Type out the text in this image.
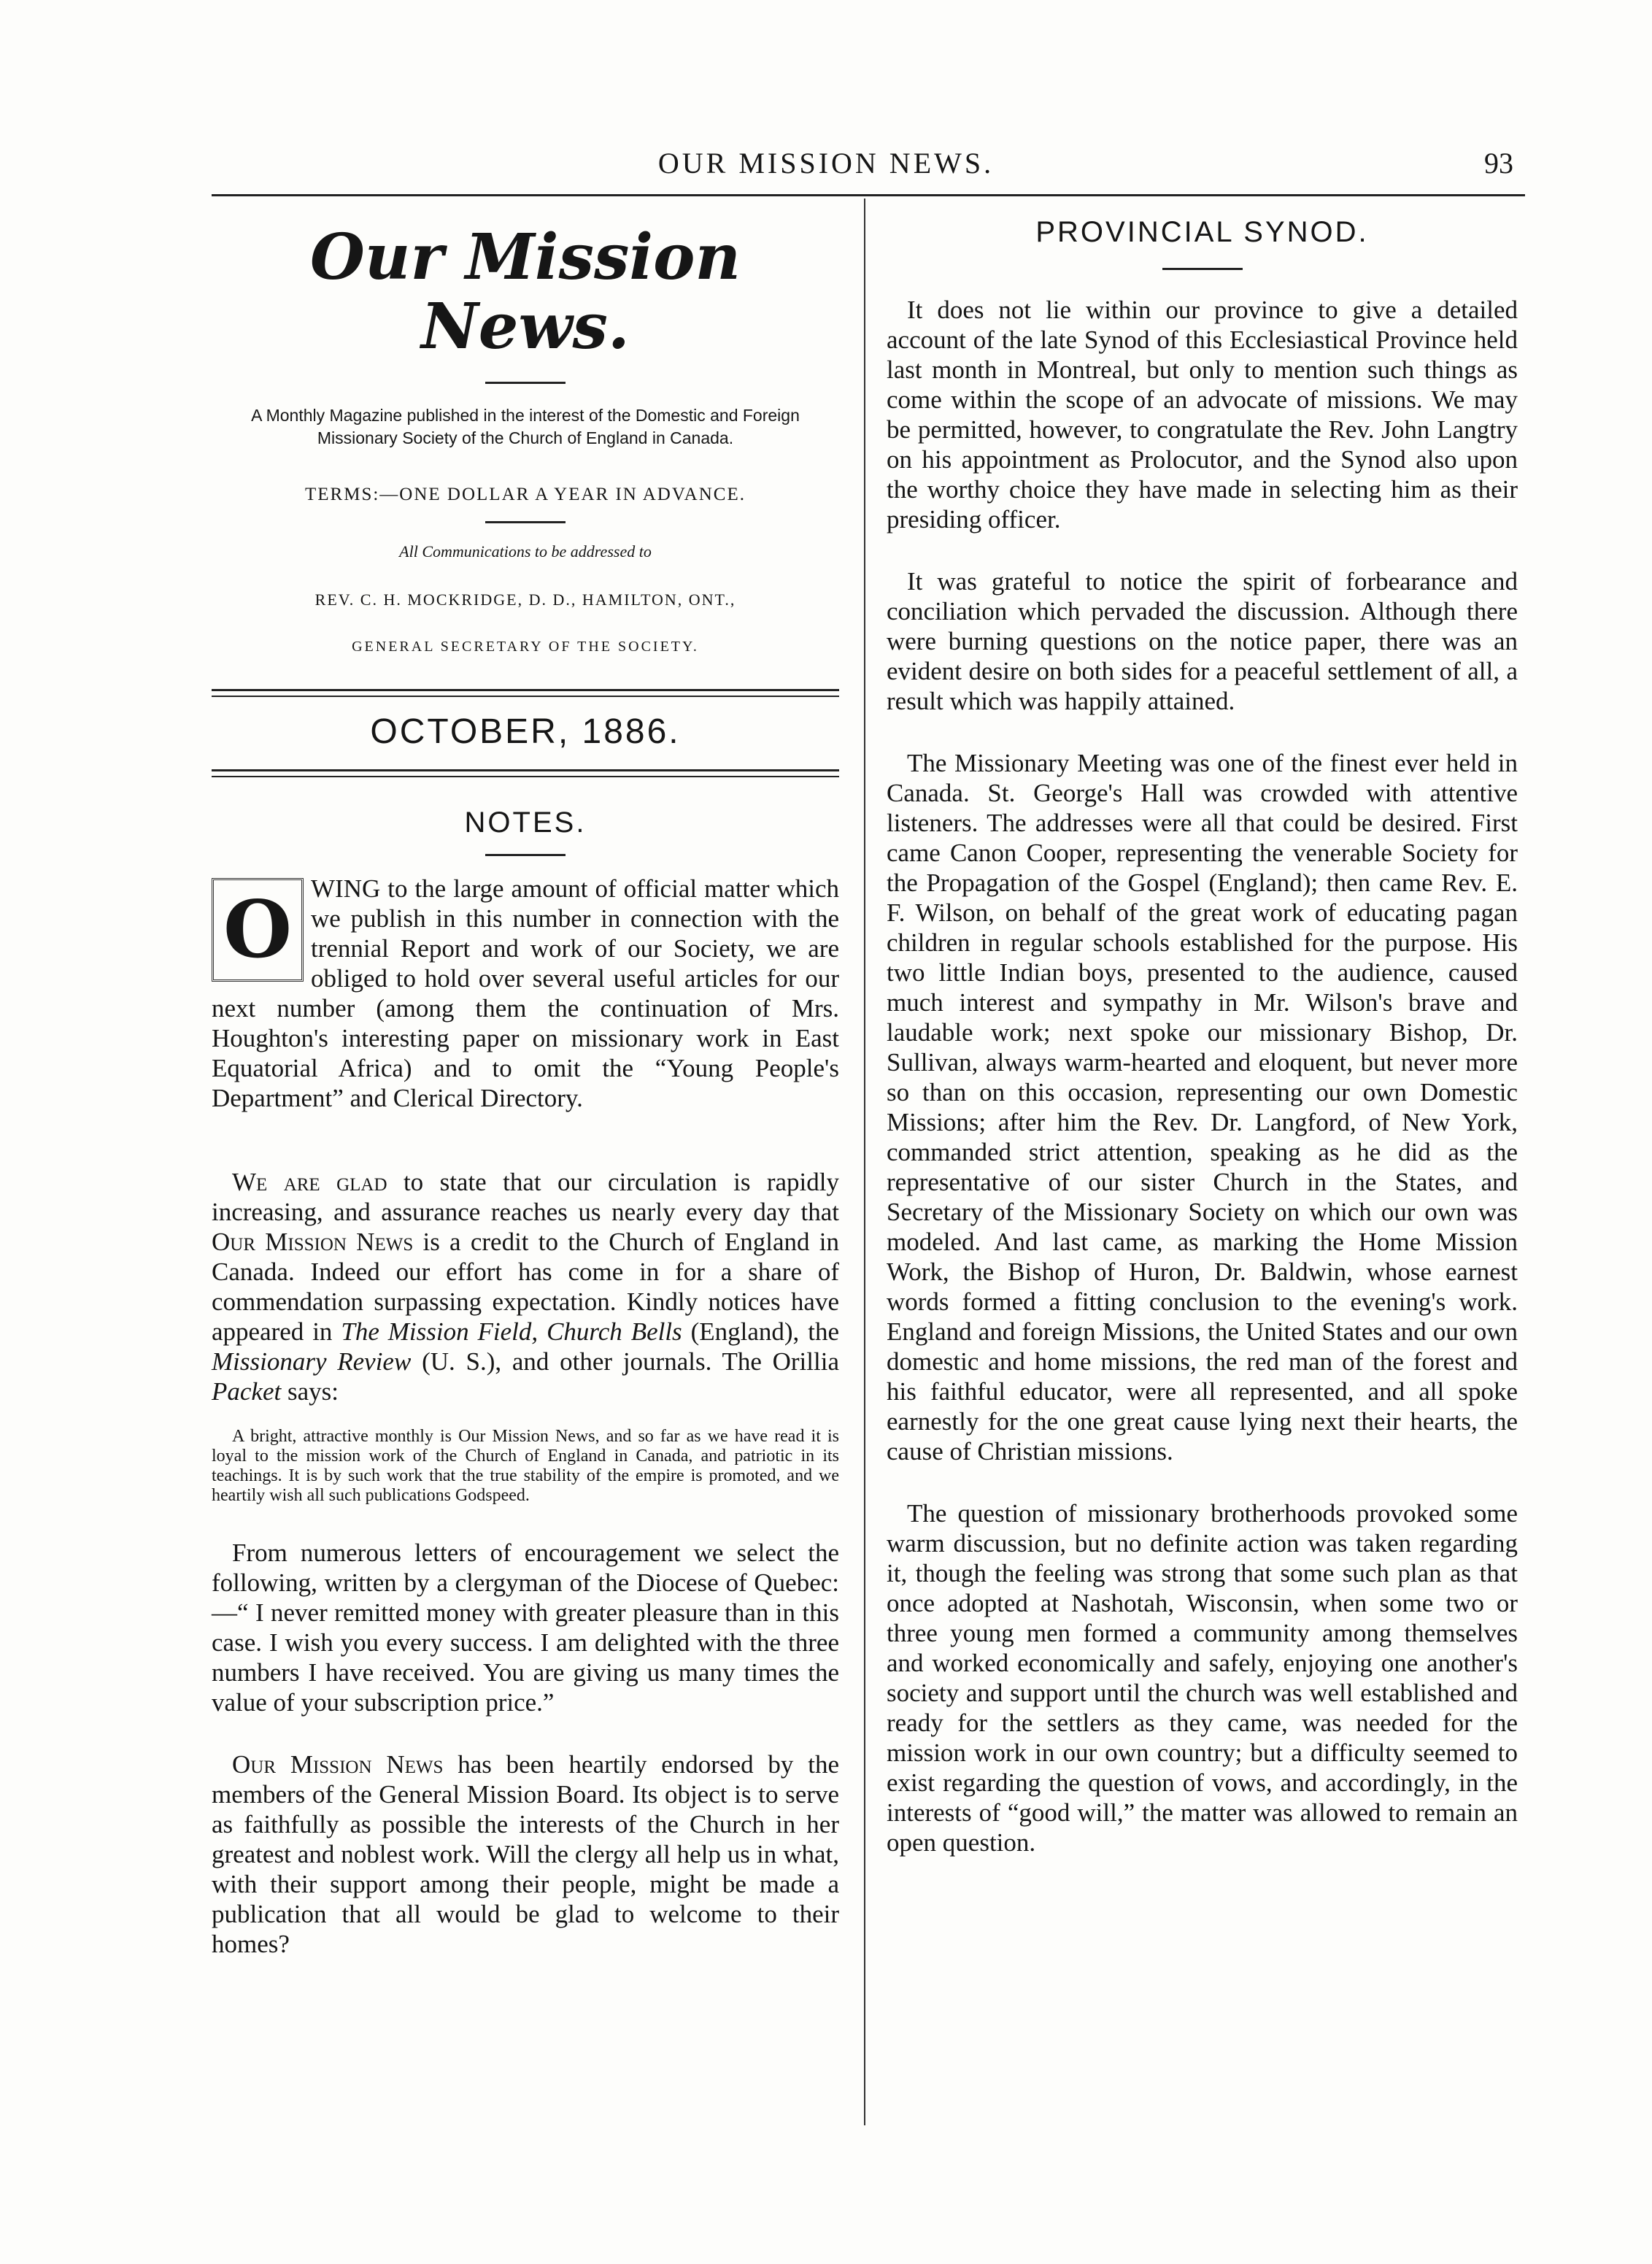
OUR MISSION NEWS.	93
Our Mission News.
A Monthly Magazine published in the interest of the Domestic and Foreign Missionary Society of the Church of England in Canada.
TERMS:—ONE DOLLAR A YEAR IN ADVANCE.
All Communications to be addressed to
REV. C. H. MOCKRIDGE, D. D., HAMILTON, ONT.,
GENERAL SECRETARY OF THE SOCIETY.
OCTOBER, 1886.
NOTES.
O WING to the large amount of official matter which we publish in this number in connection with the trennial Report and work of our Society, we are obliged to hold over several useful articles for our next number (among them the continuation of Mrs. Houghton's interesting paper on missionary work in East Equatorial Africa) and to omit the “Young People's Department” and Clerical Directory.

We are glad to state that our circulation is rapidly increasing, and assurance reaches us nearly every day that Our Mission News is a credit to the Church of England in Canada. Indeed our effort has come in for a share of commendation surpassing expectation. Kindly notices have appeared in The Mission Field, Church Bells (England), the Missionary Review (U. S.), and other journals. The Orillia Packet says:

A bright, attractive monthly is Our Mission News, and so far as we have read it is loyal to the mission work of the Church of England in Canada, and patriotic in its teachings. It is by such work that the true stability of the empire is promoted, and we heartily wish all such publications Godspeed.

From numerous letters of encouragement we select the following, written by a clergyman of the Diocese of Quebec:—“ I never remitted money with greater pleasure than in this case. I wish you every success. I am delighted with the three numbers I have received. You are giving us many times the value of your subscription price.”

Our Mission News has been heartily endorsed by the members of the General Mission Board. Its object is to serve as faithfully as possible the interests of the Church in her greatest and noblest work. Will the clergy all help us in what, with their support among their people, might be made a publication that all would be glad to welcome to their homes?

PROVINCIAL SYNOD.

It does not lie within our province to give a detailed account of the late Synod of this Ecclesiastical Province held last month in Montreal, but only to mention such things as come within the scope of an advocate of missions. We may be permitted, however, to congratulate the Rev. John Langtry on his appointment as Prolocutor, and the Synod also upon the worthy choice they have made in selecting him as their presiding officer.

It was grateful to notice the spirit of forbearance and conciliation which pervaded the discussion. Although there were burning questions on the notice paper, there was an evident desire on both sides for a peaceful settlement of all, a result which was happily attained.

The Missionary Meeting was one of the finest ever held in Canada. St. George's Hall was crowded with attentive listeners. The addresses were all that could be desired. First came Canon Cooper, representing the venerable Society for the Propagation of the Gospel (England); then came Rev. E. F. Wilson, on behalf of the great work of educating pagan children in regular schools established for the purpose. His two little Indian boys, presented to the audience, caused much interest and sympathy in Mr. Wilson's brave and laudable work; next spoke our missionary Bishop, Dr. Sullivan, always warm-hearted and eloquent, but never more so than on this occasion, representing our own Domestic Missions; after him the Rev. Dr. Langford, of New York, commanded strict attention, speaking as he did as the representative of our sister Church in the States, and Secretary of the Missionary Society on which our own was modeled. And last came, as marking the Home Mission Work, the Bishop of Huron, Dr. Baldwin, whose earnest words formed a fitting conclusion to the evening's work. England and foreign Missions, the United States and our own domestic and home missions, the red man of the forest and his faithful educator, were all represented, and all spoke earnestly for the one great cause lying next their hearts, the cause of Christian missions.

The question of missionary brotherhoods provoked some warm discussion, but no definite action was taken regarding it, though the feeling was strong that some such plan as that once adopted at Nashotah, Wisconsin, when some two or three young men formed a community among themselves and worked economically and safely, enjoying one another's society and support until the church was well established and ready for the settlers as they came, was needed for the mission work in our own country; but a difficulty seemed to exist regarding the question of vows, and accordingly, in the interests of “good will,” the matter was allowed to remain an open question.
